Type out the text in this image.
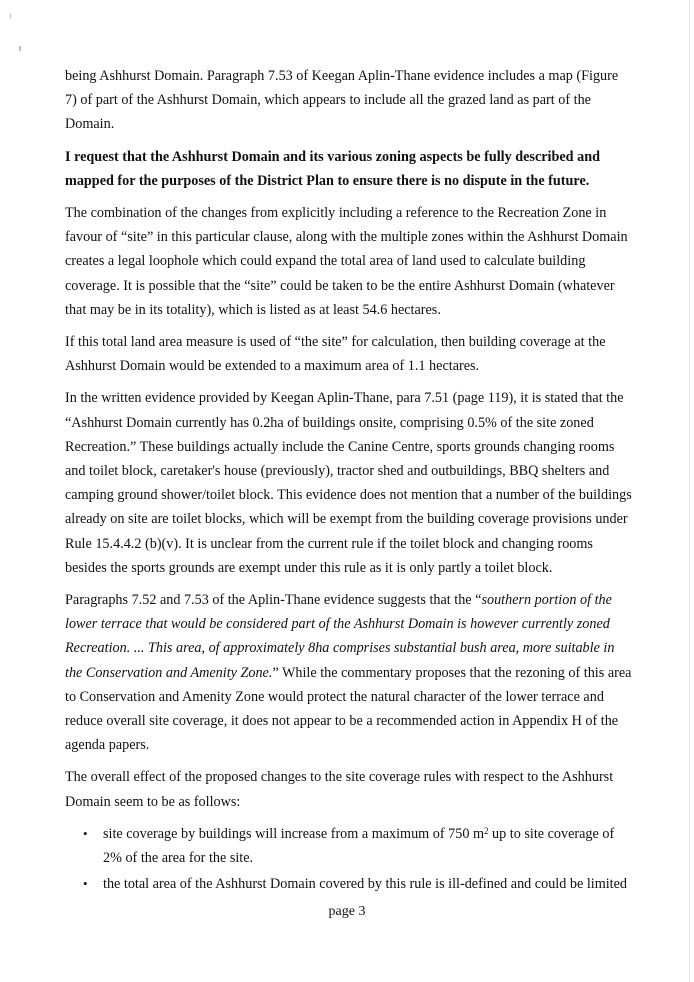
being Ashhurst Domain. Paragraph 7.53 of Keegan Aplin-Thane evidence includes a map (Figure 7) of part of the Ashhurst Domain, which appears to include all the grazed land as part of the Domain.

I request that the Ashhurst Domain and its various zoning aspects be fully described and mapped for the purposes of the District Plan to ensure there is no dispute in the future.

The combination of the changes from explicitly including a reference to the Recreation Zone in favour of “site” in this particular clause, along with the multiple zones within the Ashhurst Domain creates a legal loophole which could expand the total area of land used to calculate building coverage. It is possible that the “site” could be taken to be the entire Ashhurst Domain (whatever that may be in its totality), which is listed as at least 54.6 hectares.

If this total land area measure is used of “the site” for calculation, then building coverage at the Ashhurst Domain would be extended to a maximum area of 1.1 hectares.

In the written evidence provided by Keegan Aplin-Thane, para 7.51 (page 119), it is stated that the “Ashhurst Domain currently has 0.2ha of buildings onsite, comprising 0.5% of the site zoned Recreation.” These buildings actually include the Canine Centre, sports grounds changing rooms and toilet block, caretaker's house (previously), tractor shed and outbuildings, BBQ shelters and camping ground shower/toilet block. This evidence does not mention that a number of the buildings already on site are toilet blocks, which will be exempt from the building coverage provisions under Rule 15.4.4.2 (b)(v). It is unclear from the current rule if the toilet block and changing rooms besides the sports grounds are exempt under this rule as it is only partly a toilet block.

Paragraphs 7.52 and 7.53 of the Aplin-Thane evidence suggests that the “southern portion of the lower terrace that would be considered part of the Ashhurst Domain is however currently zoned Recreation. ... This area, of approximately 8ha comprises substantial bush area, more suitable in the Conservation and Amenity Zone.” While the commentary proposes that the rezoning of this area to Conservation and Amenity Zone would protect the natural character of the lower terrace and reduce overall site coverage, it does not appear to be a recommended action in Appendix H of the agenda papers.

The overall effect of the proposed changes to the site coverage rules with respect to the Ashhurst Domain seem to be as follows:

• site coverage by buildings will increase from a maximum of 750 $m^2$ up to site coverage of 2% of the area for the site.
• the total area of the Ashhurst Domain covered by this rule is ill-defined and could be limited
page 3
